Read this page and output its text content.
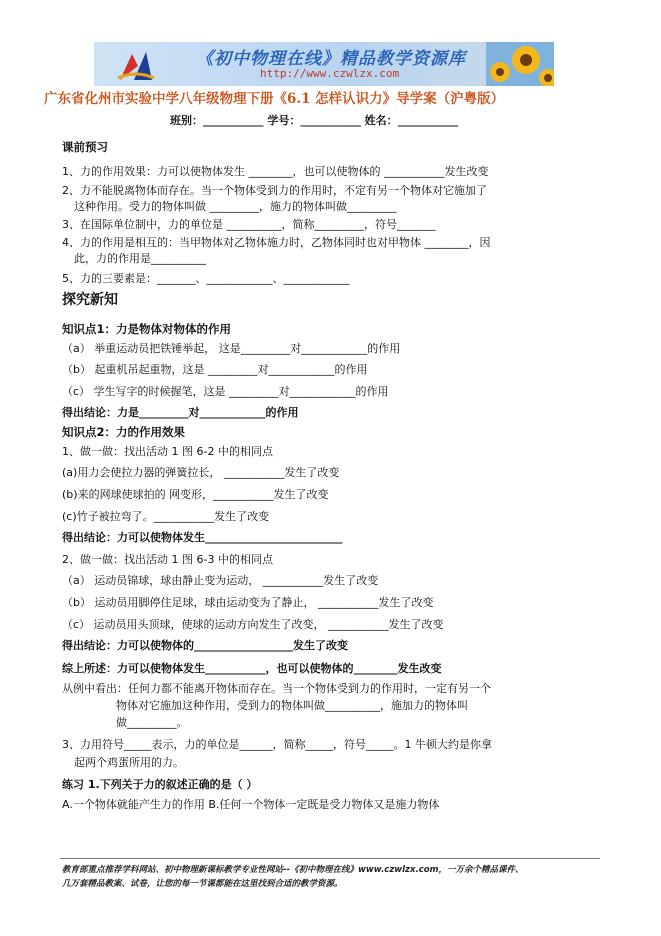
《初中物理在线》精品教学资源库
http://www.czwlzx.com
广东省化州市实验中学八年级物理下册《6.1 怎样认识力》导学案（沪粤版）
班别：___________ 学号：___________ 姓名：___________
课前预习
1、力的作用效果：力可以使物体发生 ________，也可以使物体的 ___________发生改变
2、力不能脱离物体而存在。当一个物体受到力的作用时，不定有另一个物体对它施加了
这种作用。受力的物体叫做 _________，施力的物体叫做_________
3、在国际单位制中，力的单位是 __________，简称_________，符号_______
4、力的作用是相互的：当甲物体对乙物体施力时，乙物体同时也对甲物体 ________，因
此，力的作用是__________
5、力的三要素是：_______、____________、____________
探究新知
知识点1：力是物体对物体的作用
（a） 举重运动员把铁锤举起， 这是_________对____________的作用
（b） 起重机吊起重物，这是 _________对____________的作用
（c） 学生写字的时候握笔，这是 _________对____________的作用
得出结论：力是_________对____________的作用
知识点2：力的作用效果
1、做一做：找出活动 1 图 6-2 中的相同点
(a)用力会使拉力器的弹簧拉长， ___________发生了改变
(b)来的网球使球拍的 网变形，___________发生了改变
(c)竹子被拉弯了。___________发生了改变
得出结论：力可以使物体发生_________________________
2、做一做：找出活动 1 图 6-3 中的相同点
（a） 运动员锦球，球由静止变为运动， ___________发生了改变
（b） 运动员用脚停住足球，球由运动变为了静止， ___________发生了改变
（c） 运动员用头顶球，使球的运动方向发生了改变， ___________发生了改变
得出结论：力可以使物体的__________________发生了改变
综上所述：力可以使物体发生___________，也可以使物体的________发生改变
从例中看出：任何力都不能离开物体而存在。当一个物体受到力的作用时，一定有另一个
物体对它施加这种作用，受到力的物体叫做__________，施加力的物体叫
做_________。
3、力用符号_____表示，力的单位是______，简称_____，符号_____。1 牛顿大约是你拿
起两个鸡蛋所用的力。
练习 1.下列关于力的叙述正确的是（ ）
A.一个物体就能产生力的作用 B.任何一个物体一定既是受力物体又是施力物体
教育部重点推荐学科网站、初中物理新课标教学专业性网站--《初中物理在线》www.czwlzx.com，一万余个精品课件、
几万套精品教案、试卷，让您的每一节课都能在这里找到合适的教学资源。
